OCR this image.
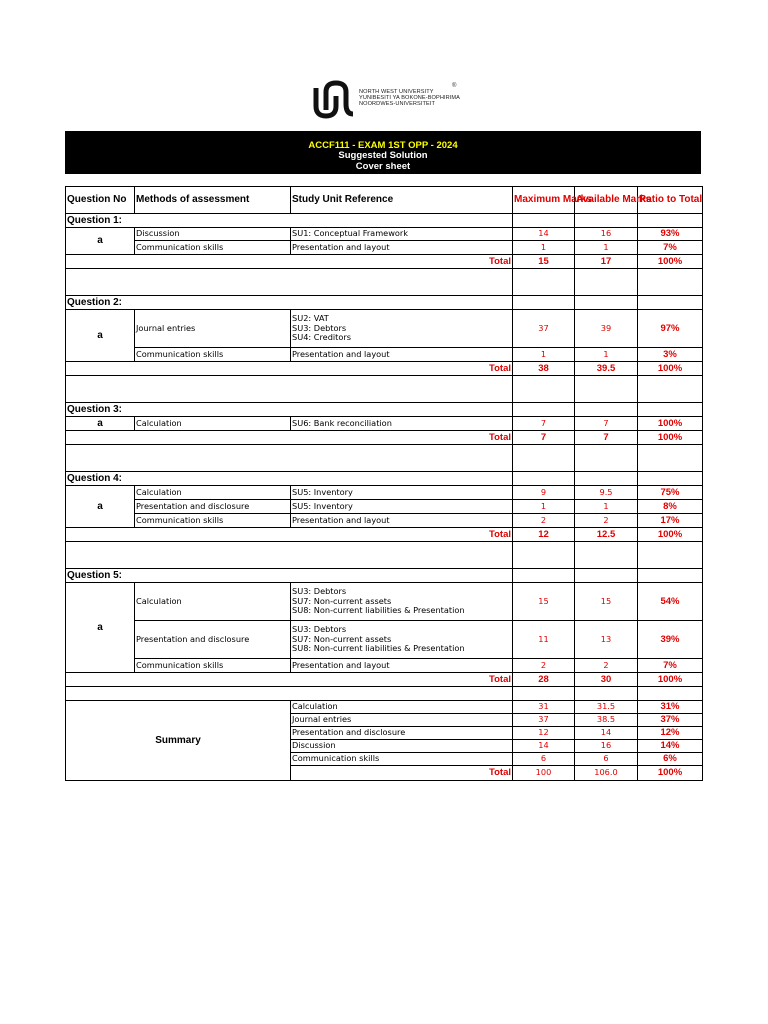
NORTH WEST UNIVERSITY
YUNIBESITI YA BOKONE-BOPHIRIMA
NOORDWES-UNIVERSITEIT
®
ACCF111 - EXAM 1ST OPP - 2024
Suggested Solution
Cover sheet
Question No	Methods of assessment	Study Unit Reference	Maximum Marks	Available Marks	Ratio to Total
Question 1:					
a	Discussion	SU1: Conceptual Framework	14	16	93%
	Communication skills	Presentation and layout	1	1	7%
Total			15	17	100%

Question 2:					
a	Journal entries	SU2: VAT
SU3: Debtors
SU4: Creditors	37	39	97%
	Communication skills	Presentation and layout	1	1	3%
Total			38	39.5	100%

Question 3:					
a	Calculation	SU6: Bank reconciliation	7	7	100%
Total			7	7	100%

Question 4:					
a	Calculation	SU5: Inventory	9	9.5	75%
	Presentation and disclosure	SU5: Inventory	1	1	8%
	Communication skills	Presentation and layout	2	2	17%
Total			12	12.5	100%

Question 5:					
a	Calculation	SU3: Debtors
SU7: Non-current assets
SU8: Non-current liabilities & Presentation	15	15	54%
	Presentation and disclosure	SU3: Debtors
SU7: Non-current assets
SU8: Non-current liabilities & Presentation	11	13	39%
	Communication skills	Presentation and layout	2	2	7%
Total			28	30	100%

Summary		Calculation	31	31.5	31%
		Journal entries	37	38.5	37%
		Presentation and disclosure	12	14	12%
		Discussion	14	16	14%
		Communication skills	6	6	6%
		Total	100	106.0	100%
